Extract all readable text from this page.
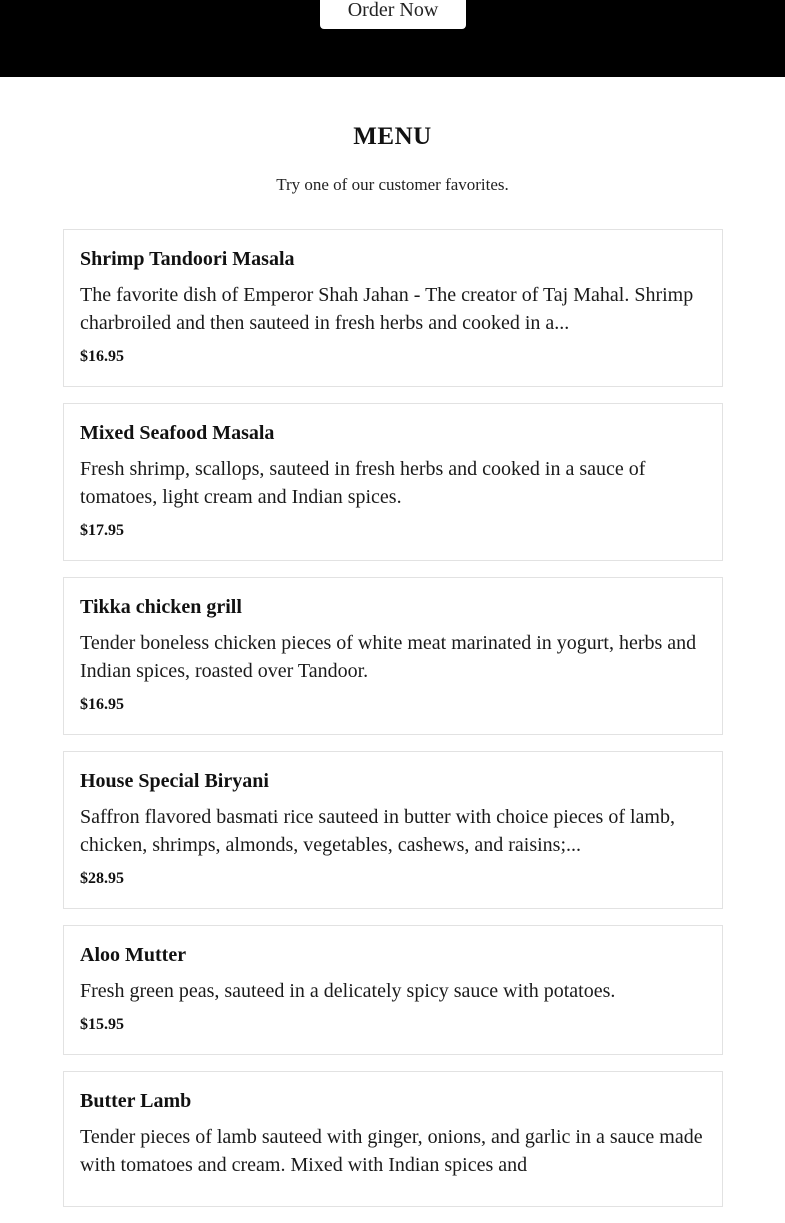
Order Now
MENU

Try one of our customer favorites.

Shrimp Tandoori Masala
The favorite dish of Emperor Shah Jahan - The creator of Taj Mahal. Shrimp charbroiled and then sauteed in fresh herbs and cooked in a...
$16.95
Mixed Seafood Masala
Fresh shrimp, scallops, sauteed in fresh herbs and cooked in a sauce of tomatoes, light cream and Indian spices.
$17.95
Tikka chicken grill
Tender boneless chicken pieces of white meat marinated in yogurt, herbs and Indian spices, roasted over Tandoor.
$16.95
House Special Biryani
Saffron flavored basmati rice sauteed in butter with choice pieces of lamb, chicken, shrimps, almonds, vegetables, cashews, and raisins;...
$28.95
Aloo Mutter
Fresh green peas, sauteed in a delicately spicy sauce with potatoes.
$15.95
Butter Lamb
Tender pieces of lamb sauteed with ginger, onions, and garlic in a sauce made with tomatoes and cream. Mixed with Indian spices and
